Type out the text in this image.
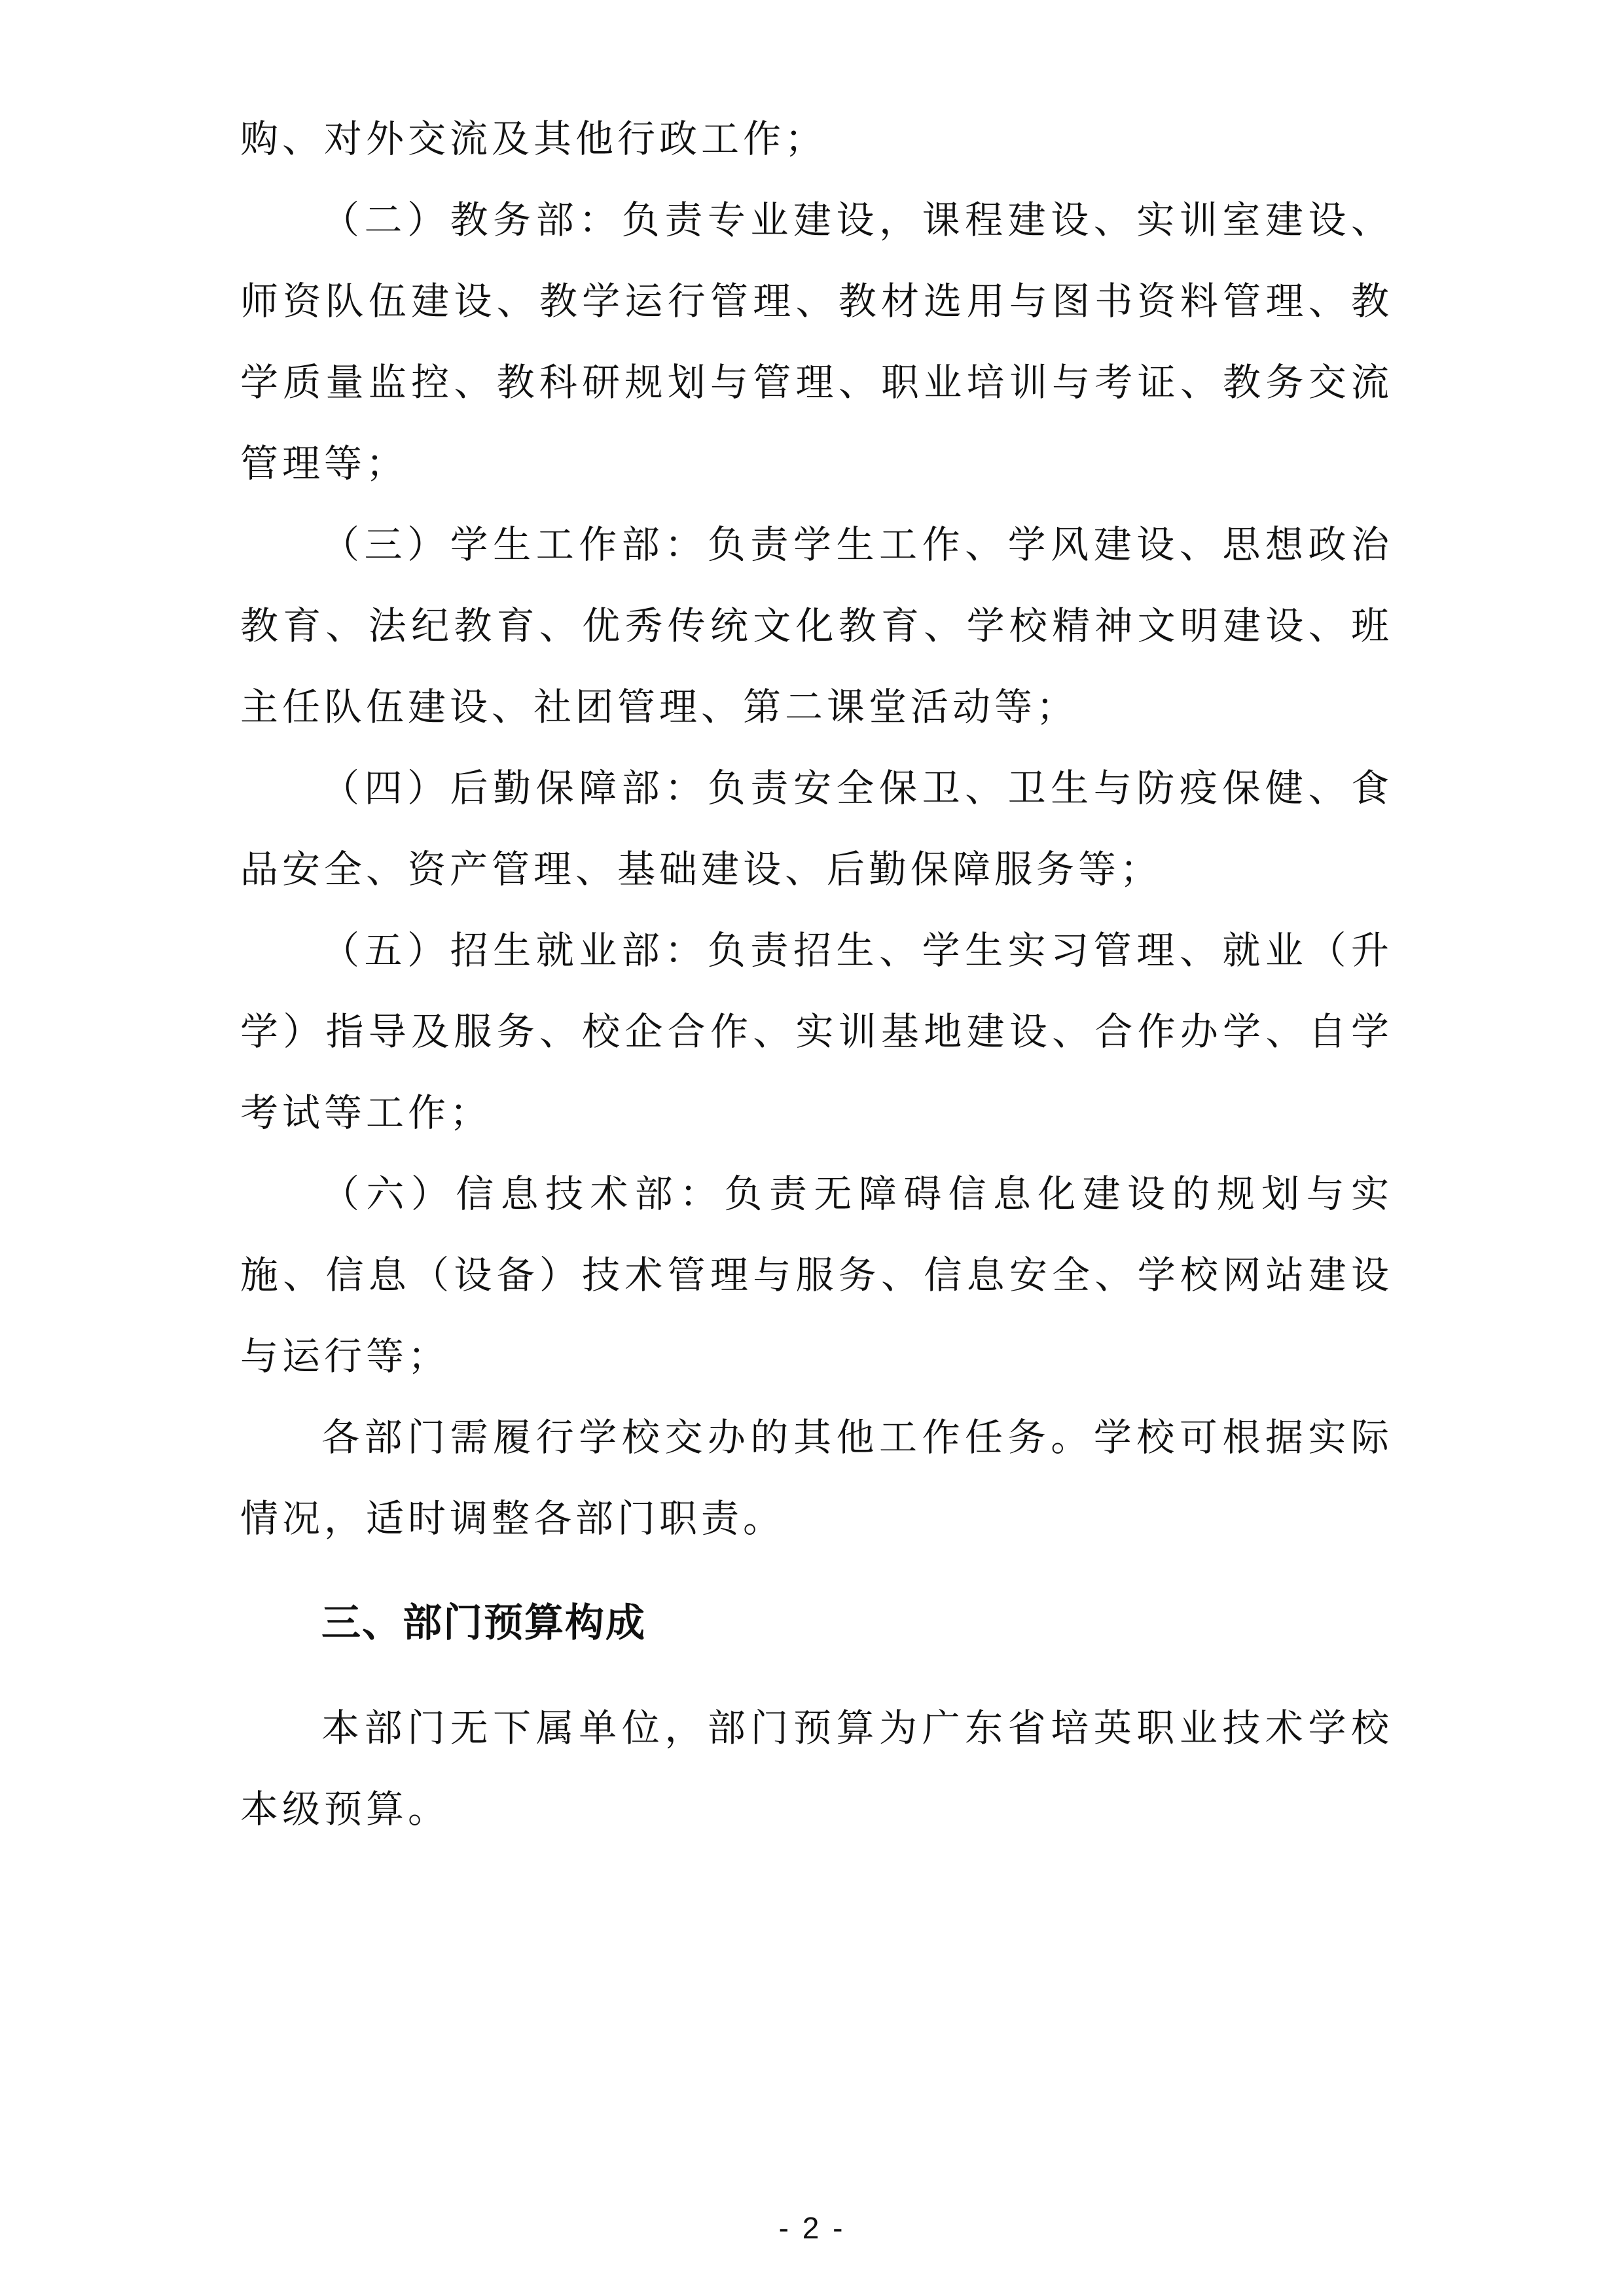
购、对外交流及其他行政工作；

（二）教务部：负责专业建设，课程建设、实训室建设、师资队伍建设、教学运行管理、教材选用与图书资料管理、教学质量监控、教科研规划与管理、职业培训与考证、教务交流管理等；

（三）学生工作部：负责学生工作、学风建设、思想政治教育、法纪教育、优秀传统文化教育、学校精神文明建设、班主任队伍建设、社团管理、第二课堂活动等；

（四）后勤保障部：负责安全保卫、卫生与防疫保健、食品安全、资产管理、基础建设、后勤保障服务等；

（五）招生就业部：负责招生、学生实习管理、就业（升学）指导及服务、校企合作、实训基地建设、合作办学、自学考试等工作；

（六）信息技术部：负责无障碍信息化建设的规划与实施、信息（设备）技术管理与服务、信息安全、学校网站建设与运行等；

各部门需履行学校交办的其他工作任务。学校可根据实际情况，适时调整各部门职责。

三、部门预算构成

本部门无下属单位，部门预算为广东省培英职业技术学校本级预算。

- 2 -
